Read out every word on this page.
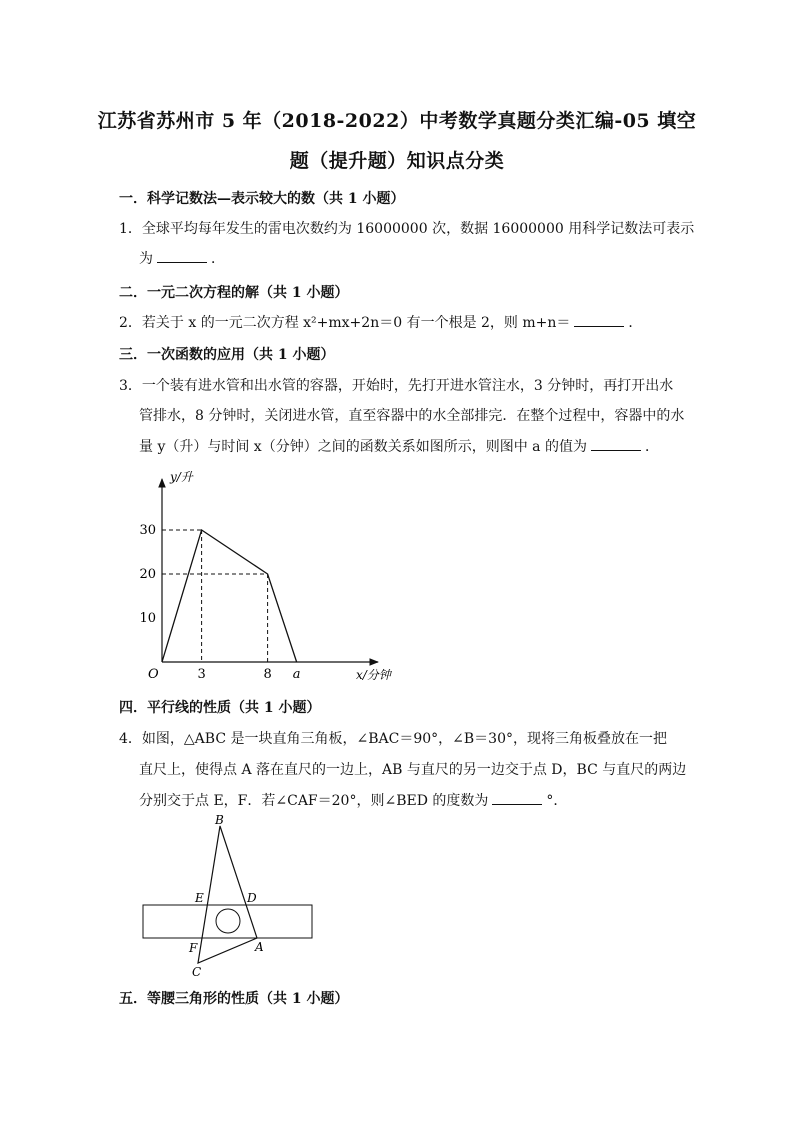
江苏省苏州市 5 年（2018-2022）中考数学真题分类汇编-05 填空
题（提升题）知识点分类
一．科学记数法—表示较大的数（共 1 小题）
1．全球平均每年发生的雷电次数约为 16000000 次，数据 16000000 用科学记数法可表示
为	．
二．一元二次方程的解（共 1 小题）
2．若关于 x 的一元二次方程 x²+mx+2n＝0 有一个根是 2，则 m+n＝	．
三．一次函数的应用（共 1 小题）
3．一个装有进水管和出水管的容器，开始时，先打开进水管注水，3 分钟时，再打开出水
管排水，8 分钟时，关闭进水管，直至容器中的水全部排完．在整个过程中，容器中的水
量 y（升）与时间 x（分钟）之间的函数关系如图所示，则图中 a 的值为	．
y/升
x/分钟
O
10
20
30
3	8 a
四．平行线的性质（共 1 小题）
4．如图，△ABC 是一块直角三角板，∠BAC＝90°，∠B＝30°，现将三角板叠放在一把
直尺上，使得点 A 落在直尺的一边上，AB 与直尺的另一边交于点 D，BC 与直尺的两边
分别交于点 E，F．若∠CAF＝20°，则∠BED 的度数为	°．
B
E	D
F	A
C
五．等腰三角形的性质（共 1 小题）
